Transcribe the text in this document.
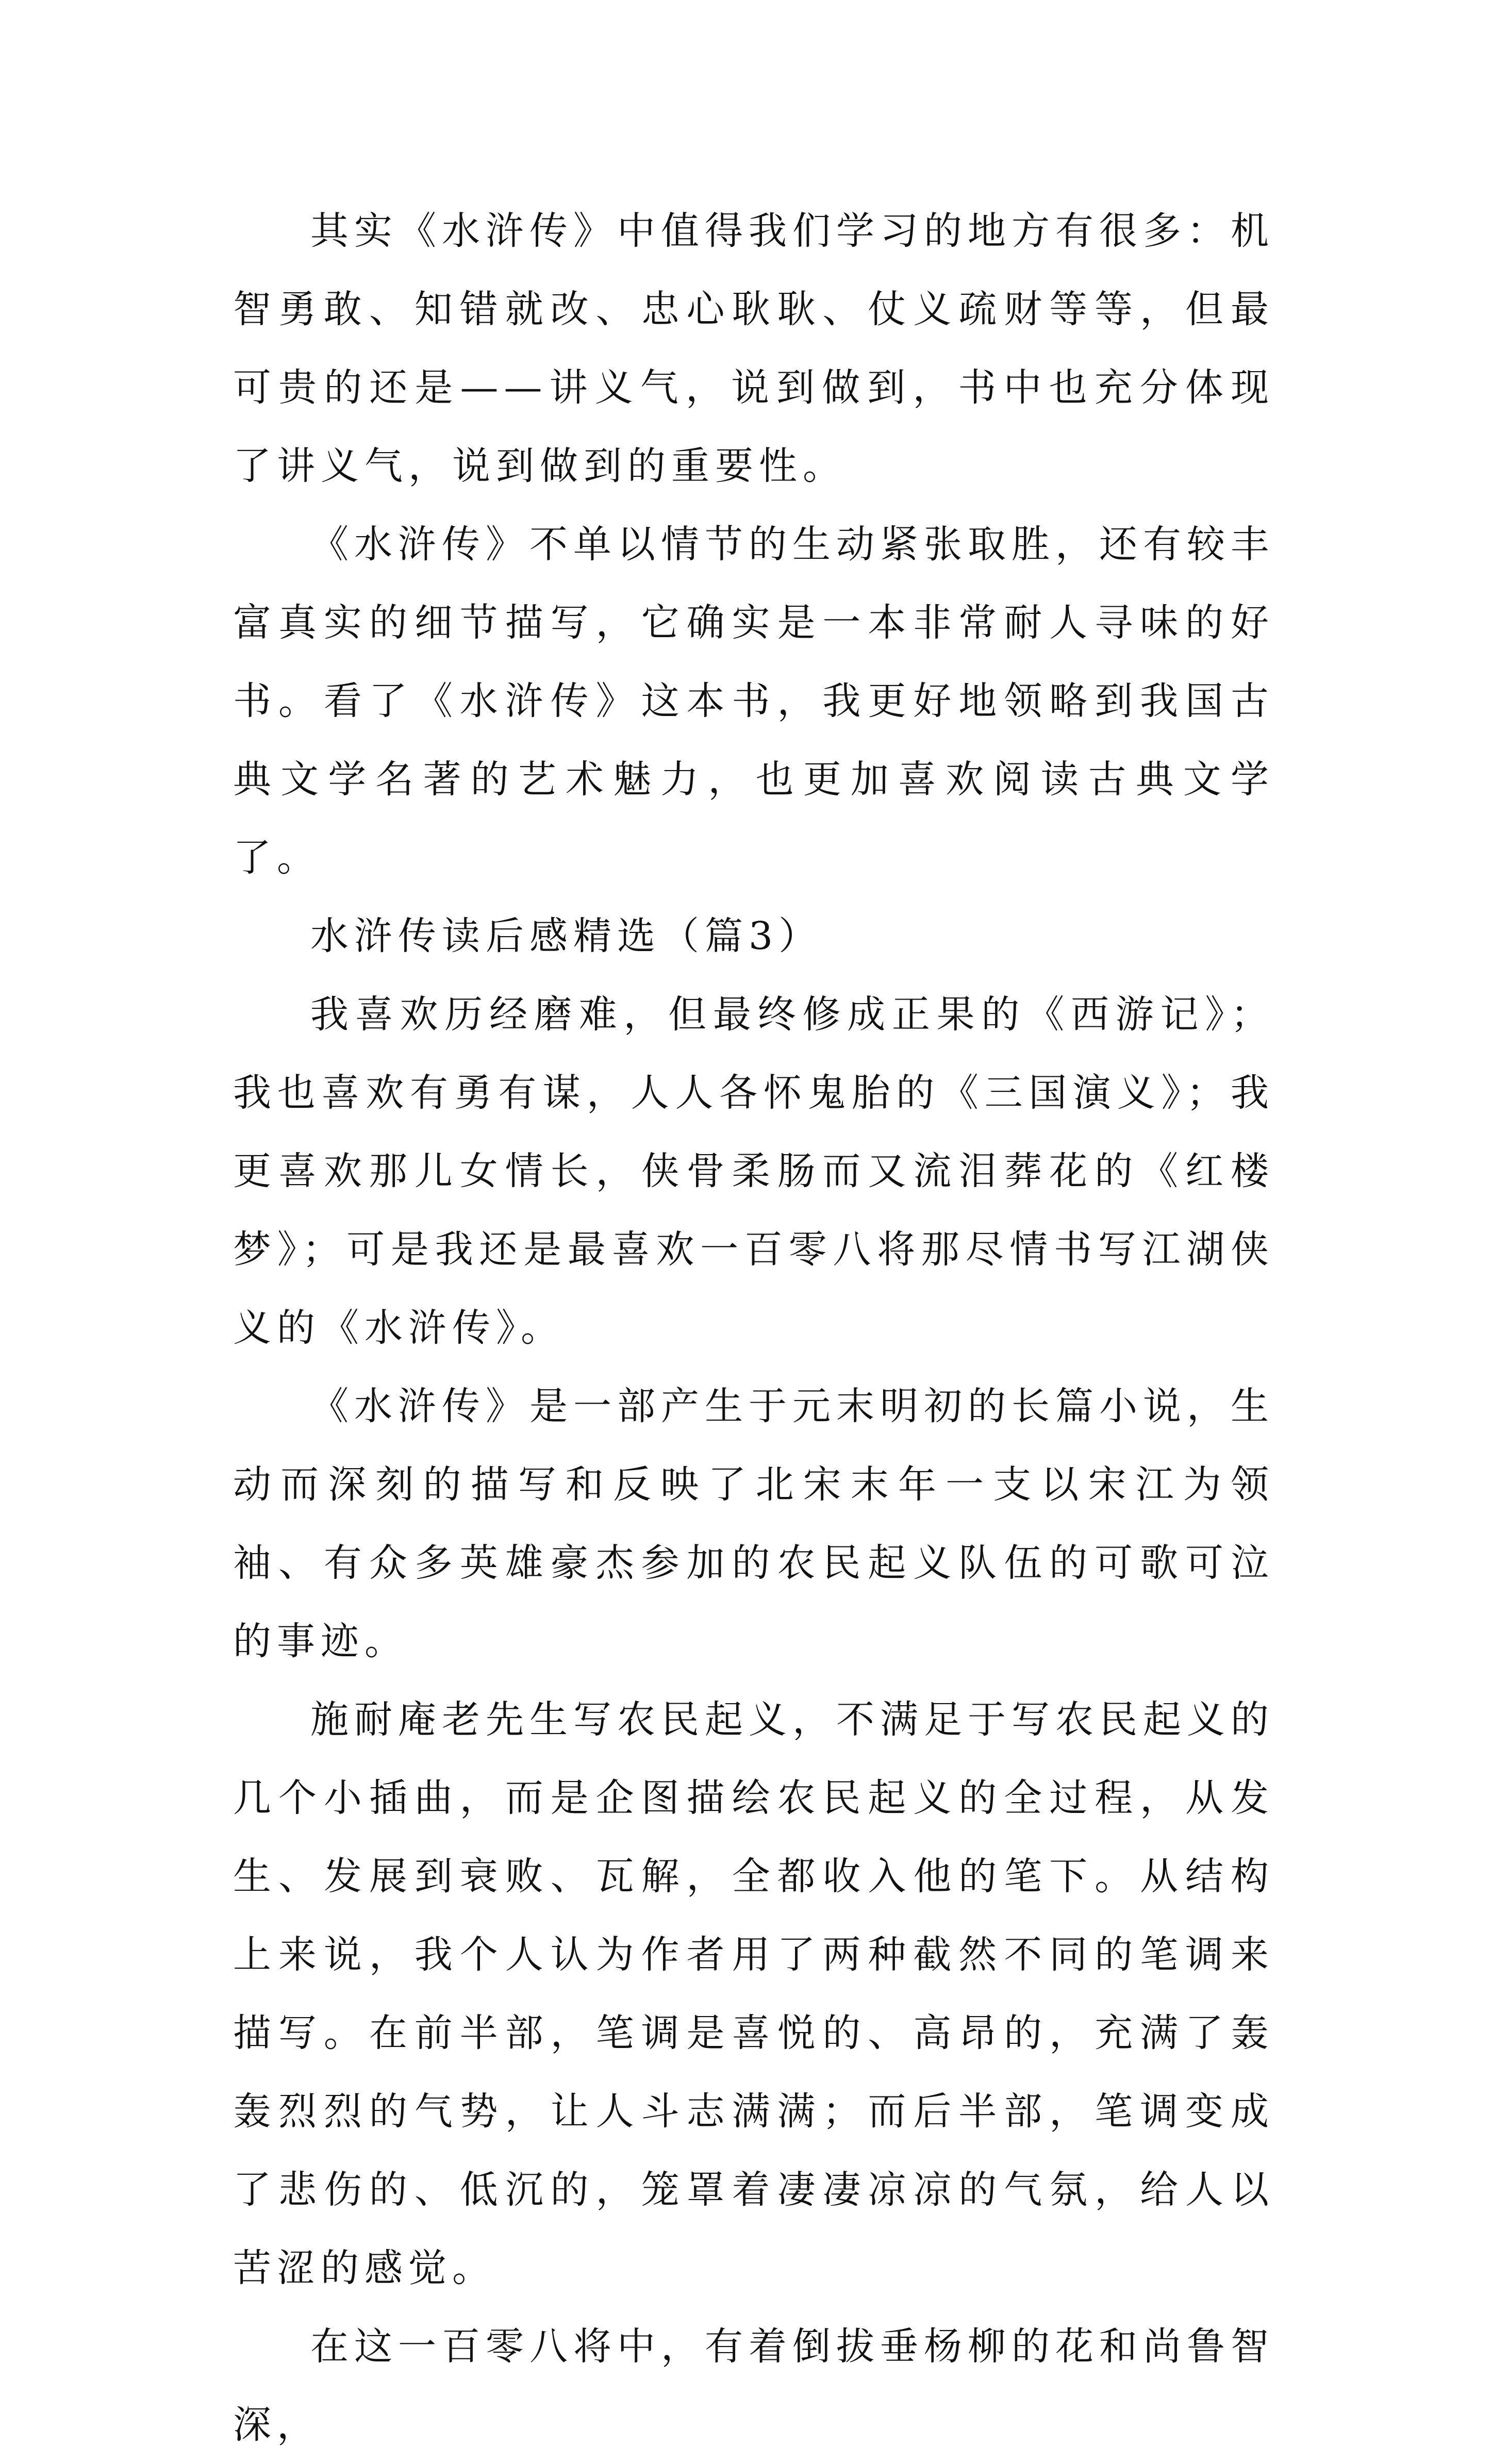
其实《水浒传》中值得我们学习的地方有很多：机智勇敢、知错就改、忠心耿耿、仗义疏财等等，但最可贵的还是——讲义气，说到做到，书中也充分体现了讲义气，说到做到的重要性。

《水浒传》不单以情节的生动紧张取胜，还有较丰富真实的细节描写，它确实是一本非常耐人寻味的好书。看了《水浒传》这本书，我更好地领略到我国古典文学名著的艺术魅力，也更加喜欢阅读古典文学了。

水浒传读后感精选（篇3）

我喜欢历经磨难，但最终修成正果的《西游记》；我也喜欢有勇有谋，人人各怀鬼胎的《三国演义》；我更喜欢那儿女情长，侠骨柔肠而又流泪葬花的《红楼梦》；可是我还是最喜欢一百零八将那尽情书写江湖侠义的《水浒传》。

《水浒传》是一部产生于元末明初的长篇小说，生动而深刻的描写和反映了北宋末年一支以宋江为领袖、有众多英雄豪杰参加的农民起义队伍的可歌可泣的事迹。

施耐庵老先生写农民起义，不满足于写农民起义的几个小插曲，而是企图描绘农民起义的全过程，从发生、发展到衰败、瓦解，全都收入他的笔下。从结构上来说，我个人认为作者用了两种截然不同的笔调来描写。在前半部，笔调是喜悦的、高昂的，充满了轰轰烈烈的气势，让人斗志满满；而后半部，笔调变成了悲伤的、低沉的，笼罩着凄凄凉凉的气氛，给人以苦涩的感觉。

在这一百零八将中，有着倒拔垂杨柳的花和尚鲁智深，
